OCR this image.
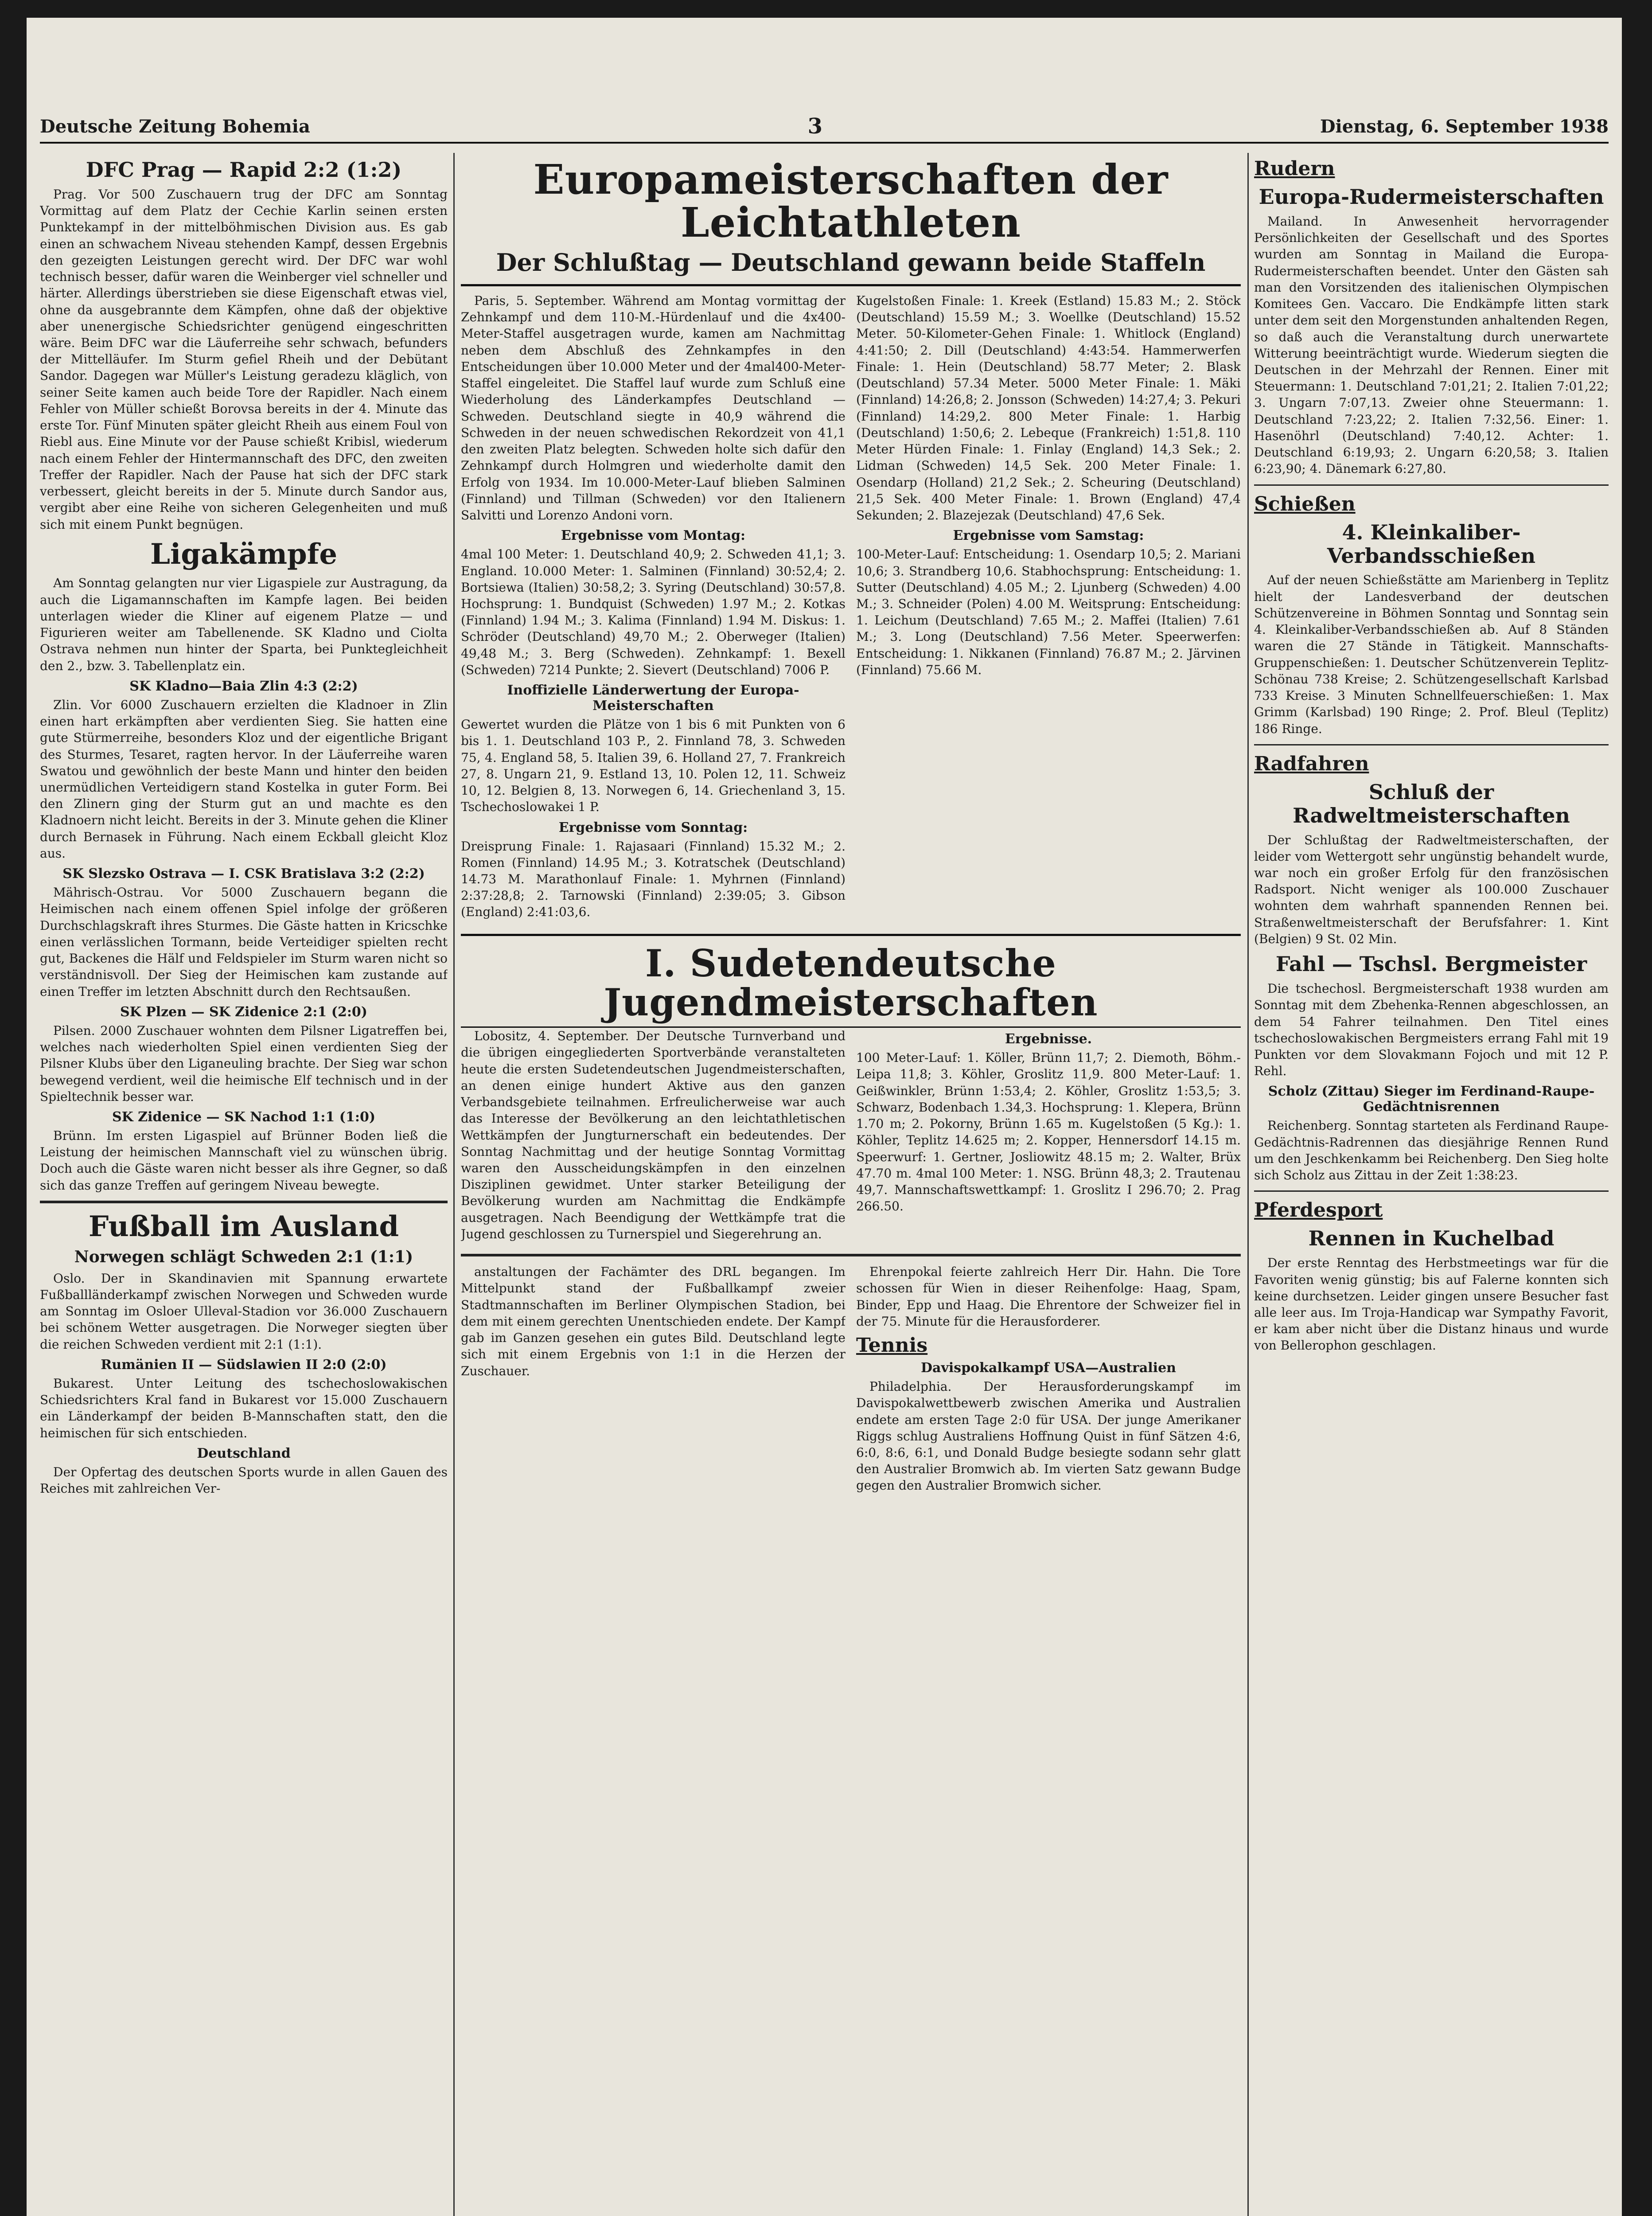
Deutsche Zeitung Bohemia	3	Dienstag, 6. September 1938
DFC Prag — Rapid 2:2 (1:2)

Prag. Vor 500 Zuschauern trug der DFC am Sonntag Vormittag auf dem Platz der Cechie Karlin seinen ersten Punktekampf in der mittelböhmischen Division aus. Es gab einen an schwachem Niveau stehenden Kampf, dessen Ergebnis den gezeigten Leistungen gerecht wird. Der DFC war wohl technisch besser, dafür waren die Weinberger viel schneller und härter. Allerdings überstrieben sie diese Eigenschaft etwas viel, ohne da ausgebrannte dem Kämpfen, ohne daß der objektive aber unenergische Schiedsrichter genügend eingeschritten wäre. Beim DFC war die Läuferreihe sehr schwach, befunders der Mittelläufer. Im Sturm gefiel Rheih und der Debütant Sandor. Dagegen war Müller's Leistung geradezu kläglich, von seiner Seite kamen auch beide Tore der Rapidler. Nach einem Fehler von Müller schießt Borovsa bereits in der 4. Minute das erste Tor. Fünf Minuten später gleicht Rheih aus einem Foul von Riebl aus. Eine Minute vor der Pause schießt Kribisl, wiederum nach einem Fehler der Hintermannschaft des DFC, den zweiten Treffer der Rapidler. Nach der Pause hat sich der DFC stark verbessert, gleicht bereits in der 5. Minute durch Sandor aus, vergibt aber eine Reihe von sicheren Gelegenheiten und muß sich mit einem Punkt begnügen.

Ligakämpfe

Am Sonntag gelangten nur vier Ligaspiele zur Austragung, da auch die Ligamannschaften im Kampfe lagen. Bei beiden unterlagen wieder die Kliner auf eigenem Platze — und Figurieren weiter am Tabellenende. SK Kladno und Ciolta Ostrava nehmen nun hinter der Sparta, bei Punktegleichheit den 2., bzw. 3. Tabellenplatz ein.

SK Kladno—Baia Zlin 4:3 (2:2)

Zlin. Vor 6000 Zuschauern erzielten die Kladnoer in Zlin einen hart erkämpften aber verdienten Sieg. Sie hatten eine gute Stürmerreihe, besonders Kloz und der eigentliche Brigant des Sturmes, Tesaret, ragten hervor. In der Läuferreihe waren Swatou und gewöhnlich der beste Mann und hinter den beiden unermüdlichen Verteidigern stand Kostelka in guter Form. Bei den Zlinern ging der Sturm gut an und machte es den Kladnoern nicht leicht. Bereits in der 3. Minute gehen die Kliner durch Bernasek in Führung. Nach einem Eckball gleicht Kloz aus.

SK Slezsko Ostrava — I. CSK Bratislava 3:2 (2:2)

Mährisch-Ostrau. Vor 5000 Zuschauern begann die Heimischen nach einem offenen Spiel infolge der größeren Durchschlagskraft ihres Sturmes. Die Gäste hatten in Kricschke einen verlässlichen Tormann, beide Verteidiger spielten recht gut, Backenes die Hälf und Feldspieler im Sturm waren nicht so verständnisvoll. Der Sieg der Heimischen kam zustande auf einen Treffer im letzten Abschnitt durch den Rechtsaußen.

SK Plzen — SK Zidenice 2:1 (2:0)

Pilsen. 2000 Zuschauer wohnten dem Pilsner Ligatreffen bei, welches nach wiederholten Spiel einen verdienten Sieg der Pilsner Klubs über den Liganeuling brachte. Der Sieg war schon bewegend verdient, weil die heimische Elf technisch und in der Spieltechnik besser war.

SK Zidenice — SK Nachod 1:1 (1:0)

Brünn. Im ersten Ligaspiel auf Brünner Boden ließ die Leistung der heimischen Mannschaft viel zu wünschen übrig. Doch auch die Gäste waren nicht besser als ihre Gegner, so daß sich das ganze Treffen auf geringem Niveau bewegte.

Fußball im Ausland
Norwegen schlägt Schweden 2:1 (1:1)

Oslo. Der in Skandinavien mit Spannung erwartete Fußballländerkampf zwischen Norwegen und Schweden wurde am Sonntag im Osloer Ulleval-Stadion vor 36.000 Zuschauern bei schönem Wetter ausgetragen. Die Norweger siegten über die reichen Schweden verdient mit 2:1 (1:1).

Rumänien II — Südslawien II 2:0 (2:0)

Bukarest. Unter Leitung des tschechoslowakischen Schiedsrichters Kral fand in Bukarest vor 15.000 Zuschauern ein Länderkampf der beiden B-Mannschaften statt, den die heimischen für sich entschieden.

Deutschland

Der Opfertag des deutschen Sports wurde in allen Gauen des Reiches mit zahlreichen Ver-

Europameisterschaften der Leichtathleten
Der Schlußtag — Deutschland gewann beide Staffeln

Paris, 5. September. Während am Montag vormittag der Zehnkampf und dem 110-M.-Hürdenlauf und die 4x400-Meter-Staffel ausgetragen wurde, kamen am Nachmittag neben dem Abschluß des Zehnkampfes in den Entscheidungen über 10.000 Meter und der 4mal400-Meter-Staffel eingeleitet. Die Staffel lauf wurde zum Schluß eine Wiederholung des Länderkampfes Deutschland — Schweden. Deutschland siegte in 40,9 während die Schweden in der neuen schwedischen Rekordzeit von 41,1 den zweiten Platz belegten. Schweden holte sich dafür den Zehnkampf durch Holmgren und wiederholte damit den Erfolg von 1934. Im 10.000-Meter-Lauf blieben Salminen (Finnland) und Tillman (Schweden) vor den Italienern Salvitti und Lorenzo Andoni vorn.

Ergebnisse vom Montag:

4mal 100 Meter: 1. Deutschland 40,9; 2. Schweden 41,1; 3. England. 10.000 Meter: 1. Salminen (Finnland) 30:52,4; 2. Bortsiewa (Italien) 30:58,2; 3. Syring (Deutschland) 30:57,8. Hochsprung: 1. Bundquist (Schweden) 1.97 M.; 2. Kotkas (Finnland) 1.94 M.; 3. Kalima (Finnland) 1.94 M. Diskus: 1. Schröder (Deutschland) 49,70 M.; 2. Oberweger (Italien) 49,48 M.; 3. Berg (Schweden). Zehnkampf: 1. Bexell (Schweden) 7214 Punkte; 2. Sievert (Deutschland) 7006 P.

Inoffizielle Länderwertung der Europa-Meisterschaften

Gewertet wurden die Plätze von 1 bis 6 mit Punkten von 6 bis 1. 1. Deutschland 103 P., 2. Finnland 78, 3. Schweden 75, 4. England 58, 5. Italien 39, 6. Holland 27, 7. Frankreich 27, 8. Ungarn 21, 9. Estland 13, 10. Polen 12, 11. Schweiz 10, 12. Belgien 8, 13. Norwegen 6, 14. Griechenland 3, 15. Tschechoslowakei 1 P.

Ergebnisse vom Sonntag:

Dreisprung Finale: 1. Rajasaari (Finnland) 15.32 M.; 2. Romen (Finnland) 14.95 M.; 3. Kotratschek (Deutschland) 14.73 M. Marathonlauf Finale: 1. Myhrnen (Finnland) 2:37:28,8; 2. Tarnowski (Finnland) 2:39:05; 3. Gibson (England) 2:41:03,6.

Kugelstoßen Finale: 1. Kreek (Estland) 15.83 M.; 2. Stöck (Deutschland) 15.59 M.; 3. Woellke (Deutschland) 15.52 Meter. 50-Kilometer-Gehen Finale: 1. Whitlock (England) 4:41:50; 2. Dill (Deutschland) 4:43:54. Hammerwerfen Finale: 1. Hein (Deutschland) 58.77 Meter; 2. Blask (Deutschland) 57.34 Meter. 5000 Meter Finale: 1. Mäki (Finnland) 14:26,8; 2. Jonsson (Schweden) 14:27,4; 3. Pekuri (Finnland) 14:29,2. 800 Meter Finale: 1. Harbig (Deutschland) 1:50,6; 2. Lebeque (Frankreich) 1:51,8. 110 Meter Hürden Finale: 1. Finlay (England) 14,3 Sek.; 2. Lidman (Schweden) 14,5 Sek. 200 Meter Finale: 1. Osendarp (Holland) 21,2 Sek.; 2. Scheuring (Deutschland) 21,5 Sek. 400 Meter Finale: 1. Brown (England) 47,4 Sekunden; 2. Blazejezak (Deutschland) 47,6 Sek.

Ergebnisse vom Samstag:

100-Meter-Lauf: Entscheidung: 1. Osendarp 10,5; 2. Mariani 10,6; 3. Strandberg 10,6. Stabhochsprung: Entscheidung: 1. Sutter (Deutschland) 4.05 M.; 2. Ljunberg (Schweden) 4.00 M.; 3. Schneider (Polen) 4.00 M. Weitsprung: Entscheidung: 1. Leichum (Deutschland) 7.65 M.; 2. Maffei (Italien) 7.61 M.; 3. Long (Deutschland) 7.56 Meter. Speerwerfen: Entscheidung: 1. Nikkanen (Finnland) 76.87 M.; 2. Järvinen (Finnland) 75.66 M.

I. Sudetendeutsche Jugendmeisterschaften

Lobositz, 4. September. Der Deutsche Turnverband und die übrigen eingegliederten Sportverbände veranstalteten heute die ersten Sudetendeutschen Jugendmeisterschaften, an denen einige hundert Aktive aus den ganzen Verbandsgebiete teilnahmen. Erfreulicherweise war auch das Interesse der Bevölkerung an den leichtathletischen Wettkämpfen der Jungturnerschaft ein bedeutendes. Der Sonntag Nachmittag und der heutige Sonntag Vormittag waren den Ausscheidungskämpfen in den einzelnen Disziplinen gewidmet. Unter starker Beteiligung der Bevölkerung wurden am Nachmittag die Endkämpfe ausgetragen. Nach Beendigung der Wettkämpfe trat die Jugend geschlossen zu Turnerspiel und Siegerehrung an.

Ergebnisse.

100 Meter-Lauf: 1. Köller, Brünn 11,7; 2. Diemoth, Böhm.-Leipa 11,8; 3. Köhler, Groslitz 11,9. 800 Meter-Lauf: 1. Geißwinkler, Brünn 1:53,4; 2. Köhler, Groslitz 1:53,5; 3. Schwarz, Bodenbach 1.34,3. Hochsprung: 1. Klepera, Brünn 1.70 m; 2. Pokorny, Brünn 1.65 m. Kugelstoßen (5 Kg.): 1. Köhler, Teplitz 14.625 m; 2. Kopper, Hennersdorf 14.15 m. Speerwurf: 1. Gertner, Josliowitz 48.15 m; 2. Walter, Brüx 47.70 m. 4mal 100 Meter: 1. NSG. Brünn 48,3; 2. Trautenau 49,7. Mannschaftswettkampf: 1. Groslitz I 296.70; 2. Prag 266.50.

anstaltungen der Fachämter des DRL begangen. Im Mittelpunkt stand der Fußballkampf zweier Stadtmannschaften im Berliner Olympischen Stadion, bei dem mit einem gerechten Unentschieden endete. Der Kampf gab im Ganzen gesehen ein gutes Bild. Deutschland legte sich mit einem Ergebnis von 1:1 in die Herzen der Zuschauer.

Ehrenpokal feierte zahlreich Herr Dir. Hahn. Die Tore schossen für Wien in dieser Reihenfolge: Haag, Spam, Binder, Epp und Haag. Die Ehrentore der Schweizer fiel in der 75. Minute für die Herausforderer.

Tennis
Davispokalkampf USA—Australien

Philadelphia. Der Herausforderungskampf im Davispokalwettbewerb zwischen Amerika und Australien endete am ersten Tage 2:0 für USA. Der junge Amerikaner Riggs schlug Australiens Hoffnung Quist in fünf Sätzen 4:6, 6:0, 8:6, 6:1, und Donald Budge besiegte sodann sehr glatt den Australier Bromwich ab. Im vierten Satz gewann Budge gegen den Australier Bromwich sicher.

Rudern
Europa-Rudermeisterschaften

Mailand. In Anwesenheit hervorragender Persönlichkeiten der Gesellschaft und des Sportes wurden am Sonntag in Mailand die Europa-Rudermeisterschaften beendet. Unter den Gästen sah man den Vorsitzenden des italienischen Olympischen Komitees Gen. Vaccaro. Die Endkämpfe litten stark unter dem seit den Morgenstunden anhaltenden Regen, so daß auch die Veranstaltung durch unerwartete Witterung beeinträchtigt wurde. Wiederum siegten die Deutschen in der Mehrzahl der Rennen. Einer mit Steuermann: 1. Deutschland 7:01,21; 2. Italien 7:01,22; 3. Ungarn 7:07,13. Zweier ohne Steuermann: 1. Deutschland 7:23,22; 2. Italien 7:32,56. Einer: 1. Hasenöhrl (Deutschland) 7:40,12. Achter: 1. Deutschland 6:19,93; 2. Ungarn 6:20,58; 3. Italien 6:23,90; 4. Dänemark 6:27,80.

Schießen
4. Kleinkaliber-Verbandsschießen

Auf der neuen Schießstätte am Marienberg in Teplitz hielt der Landesverband der deutschen Schützenvereine in Böhmen Sonntag und Sonntag sein 4. Kleinkaliber-Verbandsschießen ab. Auf 8 Ständen waren die 27 Stände in Tätigkeit. Mannschafts-Gruppenschießen: 1. Deutscher Schützenverein Teplitz-Schönau 738 Kreise; 2. Schützengesellschaft Karlsbad 733 Kreise. 3 Minuten Schnellfeuerschießen: 1. Max Grimm (Karlsbad) 190 Ringe; 2. Prof. Bleul (Teplitz) 186 Ringe.

Radfahren
Schluß der Radweltmeisterschaften

Der Schlußtag der Radweltmeisterschaften, der leider vom Wettergott sehr ungünstig behandelt wurde, war noch ein großer Erfolg für den französischen Radsport. Nicht weniger als 100.000 Zuschauer wohnten dem wahrhaft spannenden Rennen bei. Straßenweltmeisterschaft der Berufsfahrer: 1. Kint (Belgien) 9 St. 02 Min.

Fahl — Tschsl. Bergmeister

Die tschechosl. Bergmeisterschaft 1938 wurden am Sonntag mit dem Zbehenka-Rennen abgeschlossen, an dem 54 Fahrer teilnahmen. Den Titel eines tschechoslowakischen Bergmeisters errang Fahl mit 19 Punkten vor dem Slovakmann Fojoch und mit 12 P. Rehl.

Scholz (Zittau) Sieger im Ferdinand-Raupe-Gedächtnisrennen

Reichenberg. Sonntag starteten als Ferdinand Raupe-Gedächtnis-Radrennen das diesjährige Rennen Rund um den Jeschkenkamm bei Reichenberg. Den Sieg holte sich Scholz aus Zittau in der Zeit 1:38:23.

Pferdesport
Rennen in Kuchelbad

Der erste Renntag des Herbstmeetings war für die Favoriten wenig günstig; bis auf Falerne konnten sich keine durchsetzen. Leider gingen unsere Besucher fast alle leer aus. Im Troja-Handicap war Sympathy Favorit, er kam aber nicht über die Distanz hinaus und wurde von Bellerophon geschlagen.
